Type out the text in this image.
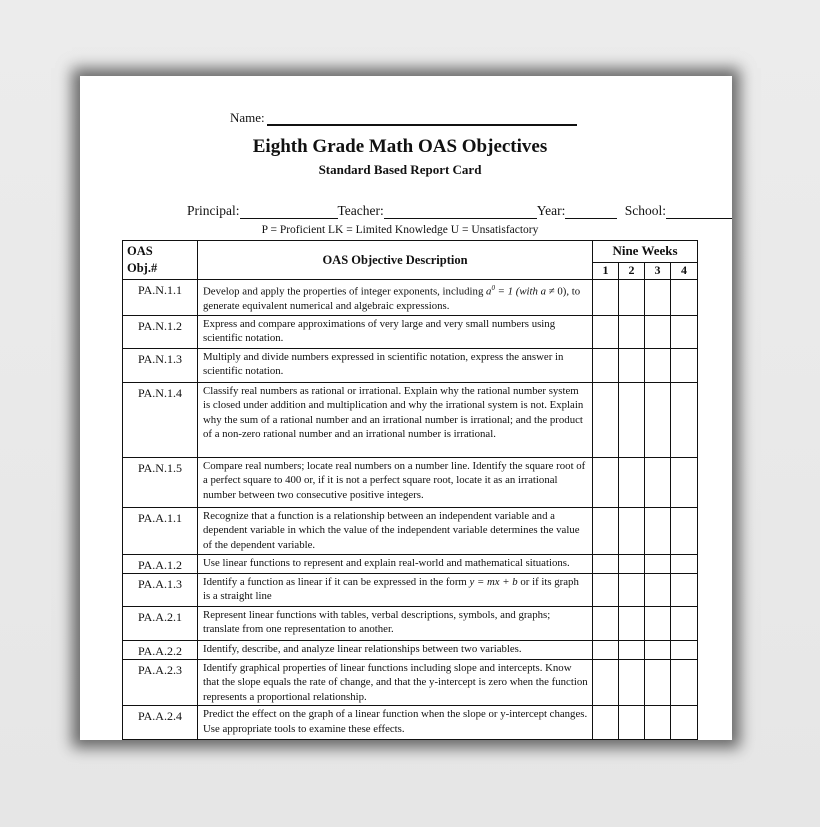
Name:
Eighth Grade Math OAS Objectives
Standard Based Report Card
Principal:	Teacher:	Year:	School:
P = Proficient LK = Limited Knowledge U = Unsatisfactory
OAS
Obj.#	OAS Objective Description	Nine Weeks			
		1	2	3	4
PA.N.1.1	Develop and apply the properties of integer exponents, including $a^0 = 1$ (with a ≠ 0), to generate equivalent numerical and algebraic expressions.				
PA.N.1.2	Express and compare approximations of very large and very small numbers using scientific notation.				
PA.N.1.3	Multiply and divide numbers expressed in scientific notation, express the answer in scientific notation.				
PA.N.1.4	Classify real numbers as rational or irrational. Explain why the rational number system is closed under addition and multiplication and why the irrational system is not. Explain why the sum of a rational number and an irrational number is irrational; and the product of a non-zero rational number and an irrational number is irrational.				
PA.N.1.5	Compare real numbers; locate real numbers on a number line. Identify the square root of a perfect square to 400 or, if it is not a perfect square root, locate it as an irrational number between two consecutive positive integers.				
PA.A.1.1	Recognize that a function is a relationship between an independent variable and a dependent variable in which the value of the independent variable determines the value of the dependent variable.				
PA.A.1.2	Use linear functions to represent and explain real-world and mathematical situations.				
PA.A.1.3	Identify a function as linear if it can be expressed in the form y = mx + b or if its graph is a straight line				
PA.A.2.1	Represent linear functions with tables, verbal descriptions, symbols, and graphs; translate from one representation to another.				
PA.A.2.2	Identify, describe, and analyze linear relationships between two variables.				
PA.A.2.3	Identify graphical properties of linear functions including slope and intercepts. Know that the slope equals the rate of change, and that the y-intercept is zero when the function represents a proportional relationship.				
PA.A.2.4	Predict the effect on the graph of a linear function when the slope or y-intercept changes. Use appropriate tools to examine these effects.				
